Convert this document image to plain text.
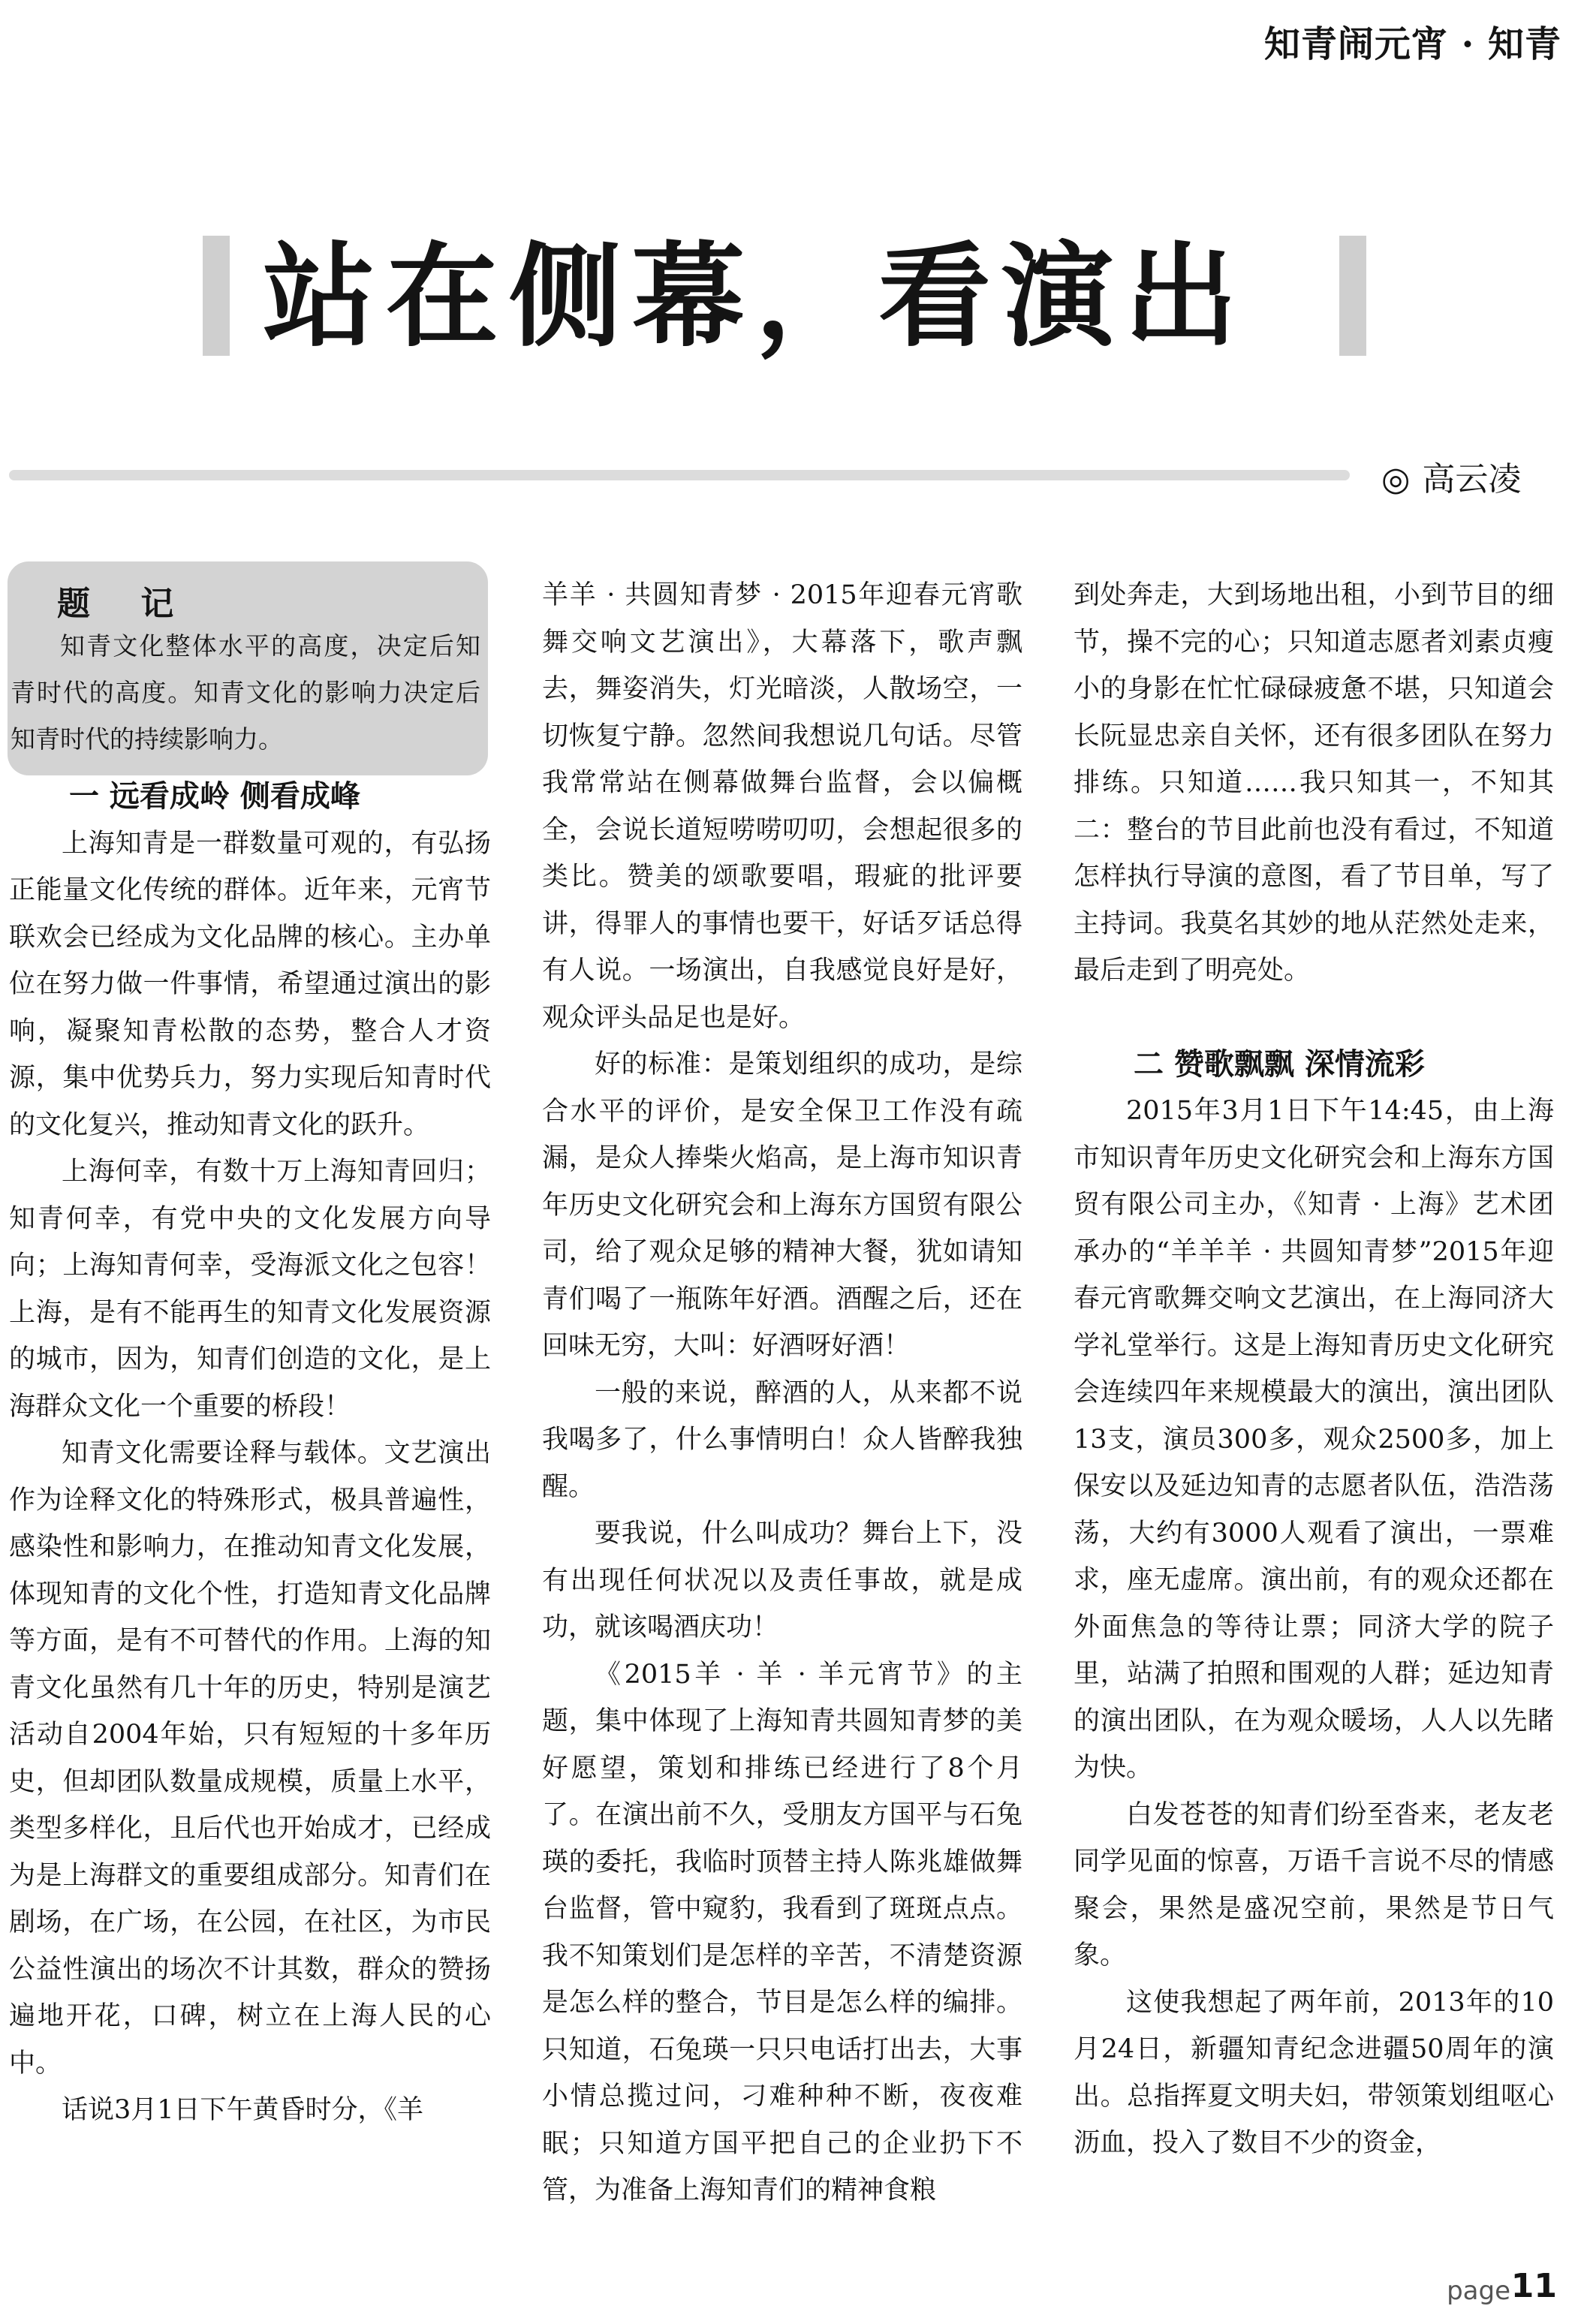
知青闹元宵 · 知青
站在侧幕，看演出
◎ 高云凌
题 记

知青文化整体水平的高度，决定后知青时代的高度。知青文化的影响力决定后知青时代的持续影响力。

一 远看成岭 侧看成峰

上海知青是一群数量可观的，有弘扬正能量文化传统的群体。近年来，元宵节联欢会已经成为文化品牌的核心。主办单位在努力做一件事情，希望通过演出的影响，凝聚知青松散的态势，整合人才资源，集中优势兵力，努力实现后知青时代的文化复兴，推动知青文化的跃升。

上海何幸，有数十万上海知青回归；知青何幸，有党中央的文化发展方向导向；上海知青何幸，受海派文化之包容！上海，是有不能再生的知青文化发展资源的城市，因为，知青们创造的文化，是上海群众文化一个重要的桥段！

知青文化需要诠释与载体。文艺演出作为诠释文化的特殊形式，极具普遍性，感染性和影响力，在推动知青文化发展，体现知青的文化个性，打造知青文化品牌等方面，是有不可替代的作用。上海的知青文化虽然有几十年的历史，特别是演艺活动自2004年始，只有短短的十多年历史，但却团队数量成规模，质量上水平，类型多样化，且后代也开始成才，已经成为是上海群文的重要组成部分。知青们在剧场，在广场，在公园，在社区，为市民公益性演出的场次不计其数，群众的赞扬遍地开花，口碑，树立在上海人民的心中。

话说3月1日下午黄昏时分，《羊

羊羊 · 共圆知青梦 · 2015年迎春元宵歌舞交响文艺演出》，大幕落下，歌声飘去，舞姿消失，灯光暗淡，人散场空，一切恢复宁静。忽然间我想说几句话。尽管我常常站在侧幕做舞台监督，会以偏概全，会说长道短唠唠叨叨，会想起很多的类比。赞美的颂歌要唱，瑕疵的批评要讲，得罪人的事情也要干，好话歹话总得有人说。一场演出，自我感觉良好是好，观众评头品足也是好。

好的标准：是策划组织的成功，是综合水平的评价，是安全保卫工作没有疏漏，是众人捧柴火焰高，是上海市知识青年历史文化研究会和上海东方国贸有限公司，给了观众足够的精神大餐，犹如请知青们喝了一瓶陈年好酒。酒醒之后，还在回味无穷，大叫：好酒呀好酒！

一般的来说，醉酒的人，从来都不说我喝多了，什么事情明白！众人皆醉我独醒。

要我说，什么叫成功？舞台上下，没有出现任何状况以及责任事故，就是成功，就该喝酒庆功！

《2015羊 · 羊 · 羊元宵节》的主题，集中体现了上海知青共圆知青梦的美好愿望，策划和排练已经进行了8个月了。在演出前不久，受朋友方国平与石兔瑛的委托，我临时顶替主持人陈兆雄做舞台监督，管中窥豹，我看到了斑斑点点。我不知策划们是怎样的辛苦，不清楚资源是怎么样的整合，节目是怎么样的编排。只知道，石兔瑛一只只电话打出去，大事小情总揽过问，刁难种种不断，夜夜难眠；只知道方国平把自己的企业扔下不管，为准备上海知青们的精神食粮

到处奔走，大到场地出租，小到节目的细节，操不完的心；只知道志愿者刘素贞瘦小的身影在忙忙碌碌疲惫不堪，只知道会长阮显忠亲自关怀，还有很多团队在努力排练。只知道……我只知其一，不知其二：整台的节目此前也没有看过，不知道怎样执行导演的意图，看了节目单，写了主持词。我莫名其妙的地从茫然处走来，最后走到了明亮处。

二 赞歌飘飘 深情流彩

2015年3月1日下午14:45，由上海市知识青年历史文化研究会和上海东方国贸有限公司主办，《知青 · 上海》艺术团承办的“羊羊羊 · 共圆知青梦”2015年迎春元宵歌舞交响文艺演出，在上海同济大学礼堂举行。这是上海知青历史文化研究会连续四年来规模最大的演出，演出团队13支，演员300多，观众2500多，加上保安以及延边知青的志愿者队伍，浩浩荡荡，大约有3000人观看了演出，一票难求，座无虚席。演出前，有的观众还都在外面焦急的等待让票；同济大学的院子里，站满了拍照和围观的人群；延边知青的演出团队，在为观众暖场，人人以先睹为快。

白发苍苍的知青们纷至沓来，老友老同学见面的惊喜，万语千言说不尽的情感聚会，果然是盛况空前，果然是节日气象。

这使我想起了两年前，2013年的10月24日，新疆知青纪念进疆50周年的演出。总指挥夏文明夫妇，带领策划组呕心沥血，投入了数目不少的资金，

page 11
